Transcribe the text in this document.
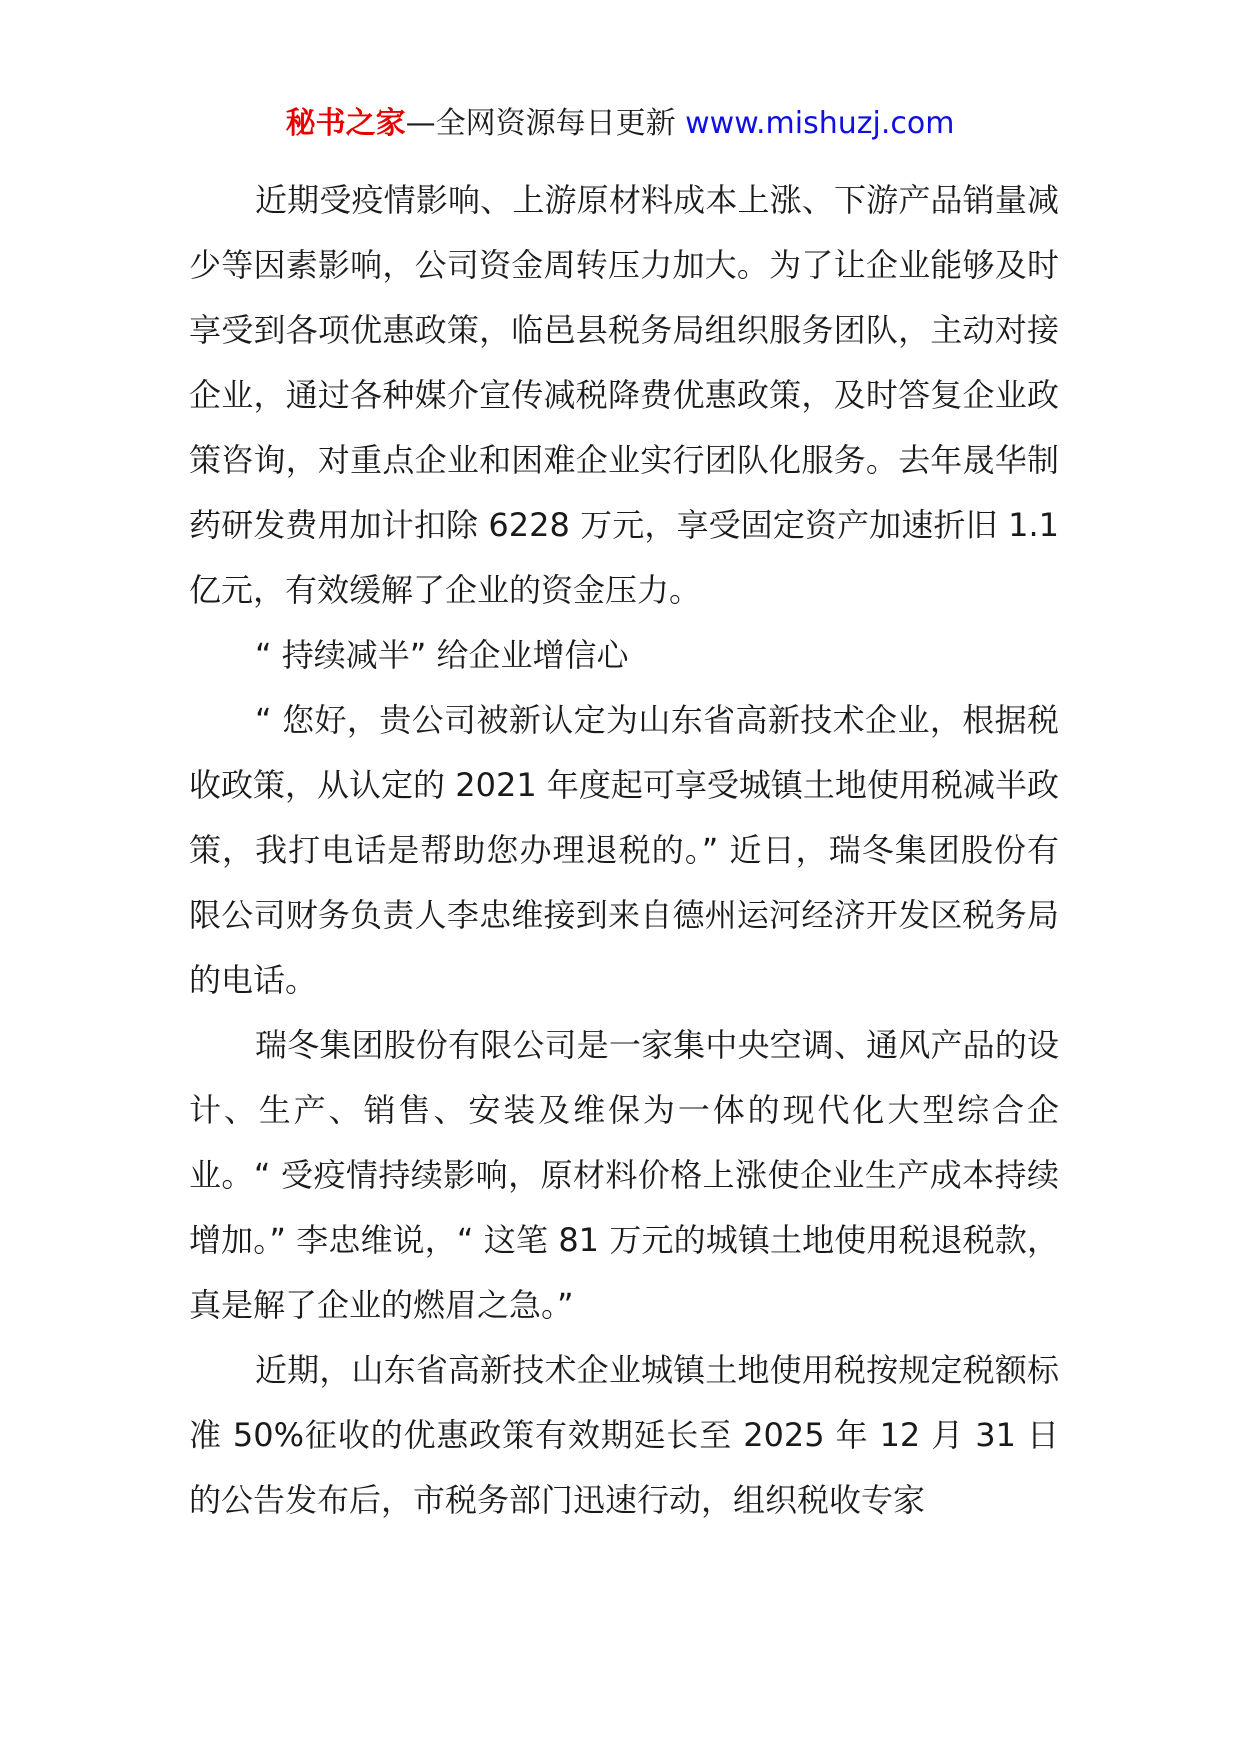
秘书之家—全网资源每日更新 www.mishuzj.com

近期受疫情影响、上游原材料成本上涨、下游产品销量减少等因素影响，公司资金周转压力加大。为了让企业能够及时享受到各项优惠政策，临邑县税务局组织服务团队，主动对接企业，通过各种媒介宣传减税降费优惠政策，及时答复企业政策咨询，对重点企业和困难企业实行团队化服务。去年晟华制药研发费用加计扣除 6228 万元，享受固定资产加速折旧 1.1 亿元，有效缓解了企业的资金压力。

“ 持续减半” 给企业增信心

“ 您好，贵公司被新认定为山东省高新技术企业，根据税收政策，从认定的 2021 年度起可享受城镇土地使用税减半政策，我打电话是帮助您办理退税的。” 近日，瑞冬集团股份有限公司财务负责人李忠维接到来自德州运河经济开发区税务局的电话。

瑞冬集团股份有限公司是一家集中央空调、通风产品的设计、生产、销售、安装及维保为一体的现代化大型综合企业。“ 受疫情持续影响，原材料价格上涨使企业生产成本持续增加。” 李忠维说，“ 这笔 81 万元的城镇土地使用税退税款，真是解了企业的燃眉之急。”

近期，山东省高新技术企业城镇土地使用税按规定税额标准 50%征收的优惠政策有效期延长至 2025 年 12 月 31 日的公告发布后，市税务部门迅速行动，组织税收专家
